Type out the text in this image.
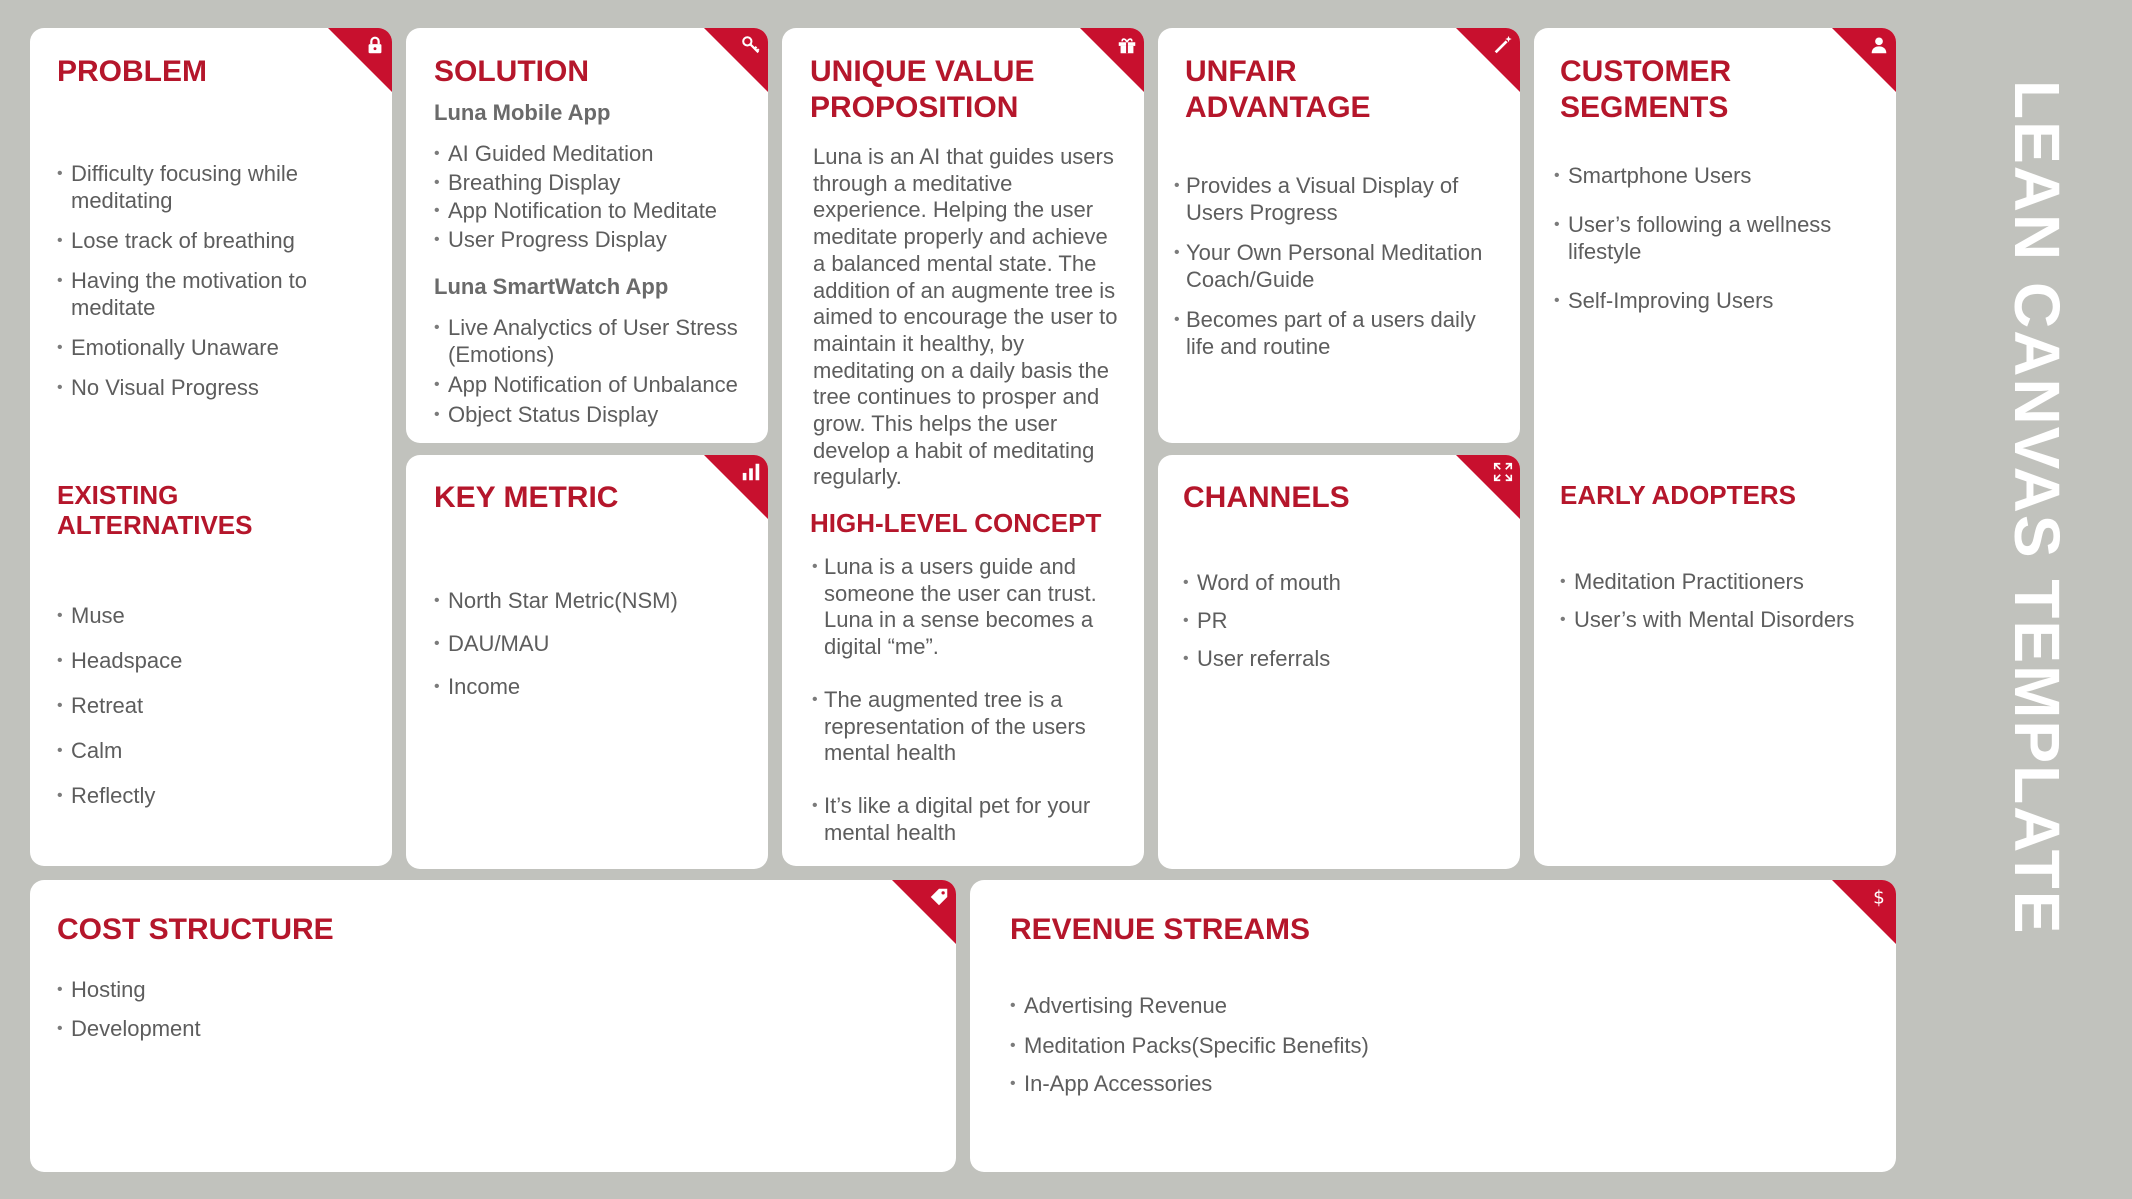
PROBLEM
• Difficulty focusing while meditating
• Lose track of breathing
• Having the motivation to meditate
• Emotionally Unaware
• No Visual Progress
EXISTING
ALTERNATIVES
• Muse
• Headspace
• Retreat
• Calm
• Reflectly
SOLUTION

Luna Mobile App

• AI Guided Meditation
• Breathing Display
• App Notification to Meditate
• User Progress Display

Luna SmartWatch App

• Live Analyctics of User Stress (Emotions)
• App Notification of Unbalance
• Object Status Display
KEY METRIC
• North Star Metric(NSM)
• DAU/MAU
• Income
UNIQUE VALUE
PROPOSITION

Luna is an AI that guides users through a meditative experience. Helping the user meditate properly and achieve a balanced mental state. The addition of an augmente tree is aimed to encourage the user to maintain it healthy, by meditating on a daily basis the tree continues to prosper and grow. This helps the user develop a habit of meditating regularly.

HIGH-LEVEL CONCEPT
• Luna is a users guide and someone the user can trust. Luna in a sense becomes a digital “me”.
• The augmented tree is a representation of the users mental health
• It’s like a digital pet for your mental health
UNFAIR
ADVANTAGE
• Provides a Visual Display of Users Progress
• Your Own Personal Meditation Coach/Guide
• Becomes part of a users daily life and routine
CHANNELS
• Word of mouth
• PR
• User referrals
CUSTOMER
SEGMENTS
• Smartphone Users
• User’s following a wellness lifestyle
• Self-Improving Users
EARLY ADOPTERS
• Meditation Practitioners
• User’s with Mental Disorders
COST STRUCTURE
• Hosting
• Development
$
REVENUE STREAMS
• Advertising Revenue
• Meditation Packs(Specific Benefits)
• In-App Accessories
LEAN CANVAS TEMPLATE
